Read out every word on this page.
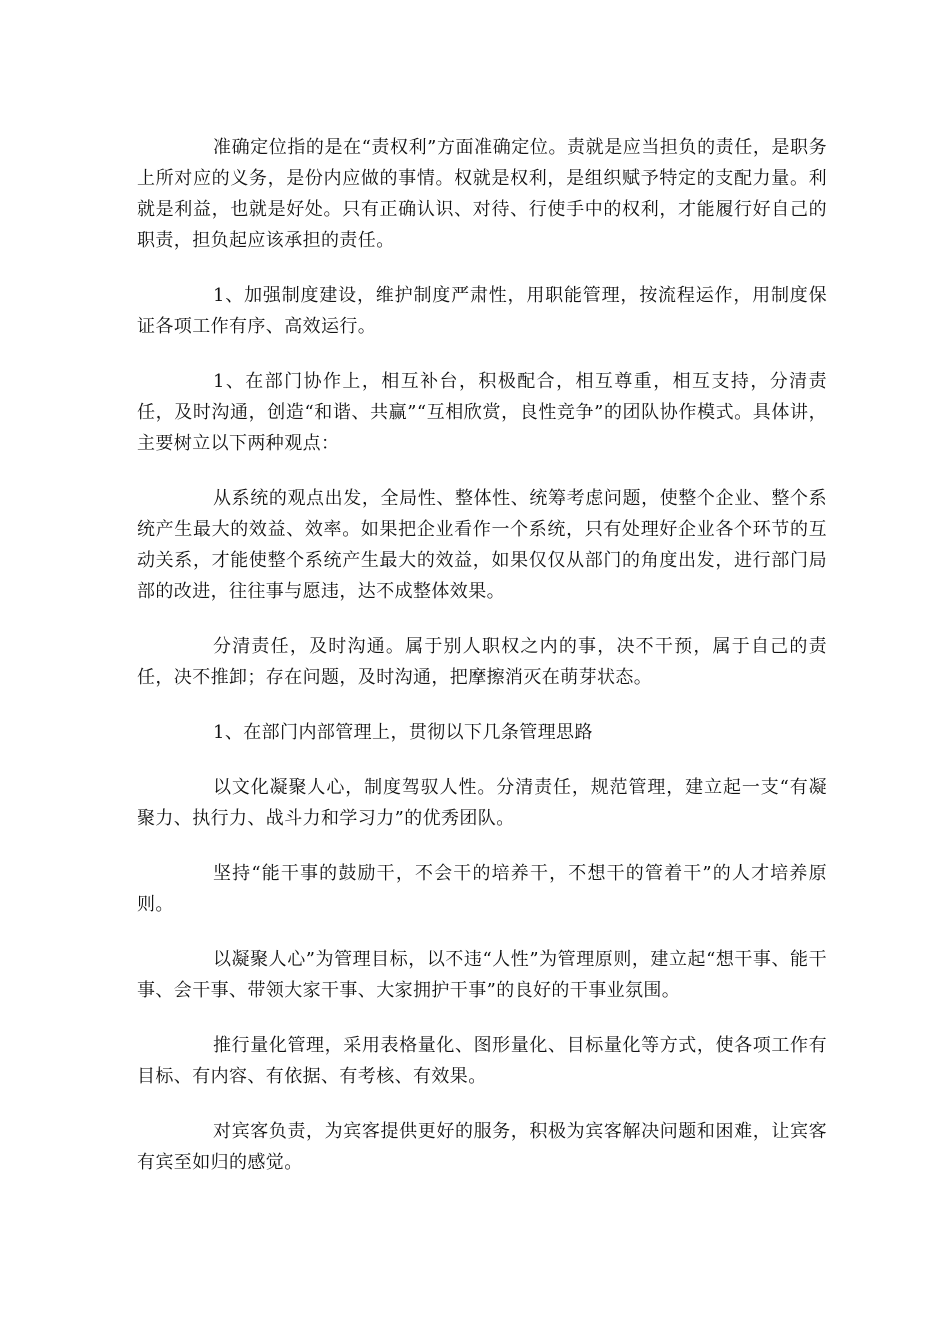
准确定位指的是在“责权利”方面准确定位。责就是应当担负的责任，是职务上所对应的义务，是份内应做的事情。权就是权利，是组织赋予特定的支配力量。利就是利益，也就是好处。只有正确认识、对待、行使手中的权利，才能履行好自己的职责，担负起应该承担的责任。

1、加强制度建设，维护制度严肃性，用职能管理，按流程运作，用制度保证各项工作有序、高效运行。

1、在部门协作上，相互补台，积极配合，相互尊重，相互支持，分清责任，及时沟通，创造“和谐、共赢”“互相欣赏，良性竞争”的团队协作模式。具体讲，主要树立以下两种观点：

从系统的观点出发，全局性、整体性、统筹考虑问题，使整个企业、整个系统产生最大的效益、效率。如果把企业看作一个系统，只有处理好企业各个环节的互动关系，才能使整个系统产生最大的效益，如果仅仅从部门的角度出发，进行部门局部的改进，往往事与愿违，达不成整体效果。

分清责任，及时沟通。属于别人职权之内的事，决不干预，属于自己的责任，决不推卸；存在问题，及时沟通，把摩擦消灭在萌芽状态。

1、在部门内部管理上，贯彻以下几条管理思路

以文化凝聚人心，制度驾驭人性。分清责任，规范管理，建立起一支“有凝聚力、执行力、战斗力和学习力”的优秀团队。

坚持“能干事的鼓励干，不会干的培养干，不想干的管着干”的人才培养原则。

以凝聚人心”为管理目标，以不违“人性”为管理原则，建立起“想干事、能干事、会干事、带领大家干事、大家拥护干事”的良好的干事业氛围。

推行量化管理，采用表格量化、图形量化、目标量化等方式，使各项工作有目标、有内容、有依据、有考核、有效果。

对宾客负责，为宾客提供更好的服务，积极为宾客解决问题和困难，让宾客有宾至如归的感觉。
